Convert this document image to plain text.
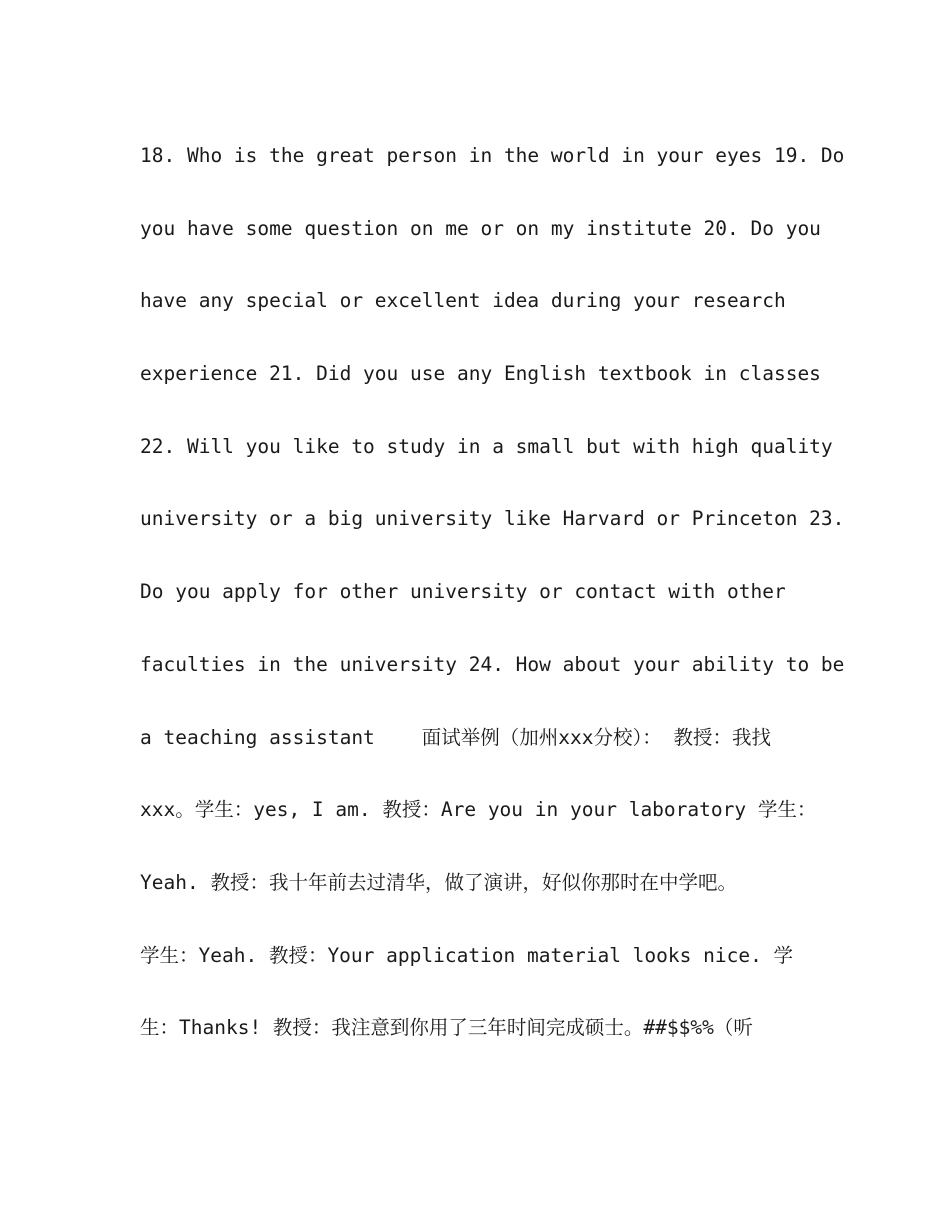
18. Who is the great person in the world in your eyes 19. Do
you have some question on me or on my institute 20. Do you
have any special or excellent idea during your research
experience 21. Did you use any English textbook in classes
22. Will you like to study in a small but with high quality
university or a big university like Harvard or Princeton 23.
Do you apply for other university or contact with other
faculties in the university 24. How about your ability to be
a teaching assistant    面试举例（加州xxx分校）： 教授：我找
xxx。学生：yes, I am. 教授：Are you in your laboratory 学生：
Yeah. 教授：我十年前去过清华，做了演讲，好似你那时在中学吧。
学生：Yeah. 教授：Your application material looks nice. 学
生：Thanks! 教授：我注意到你用了三年时间完成硕士。##$$%%（听
